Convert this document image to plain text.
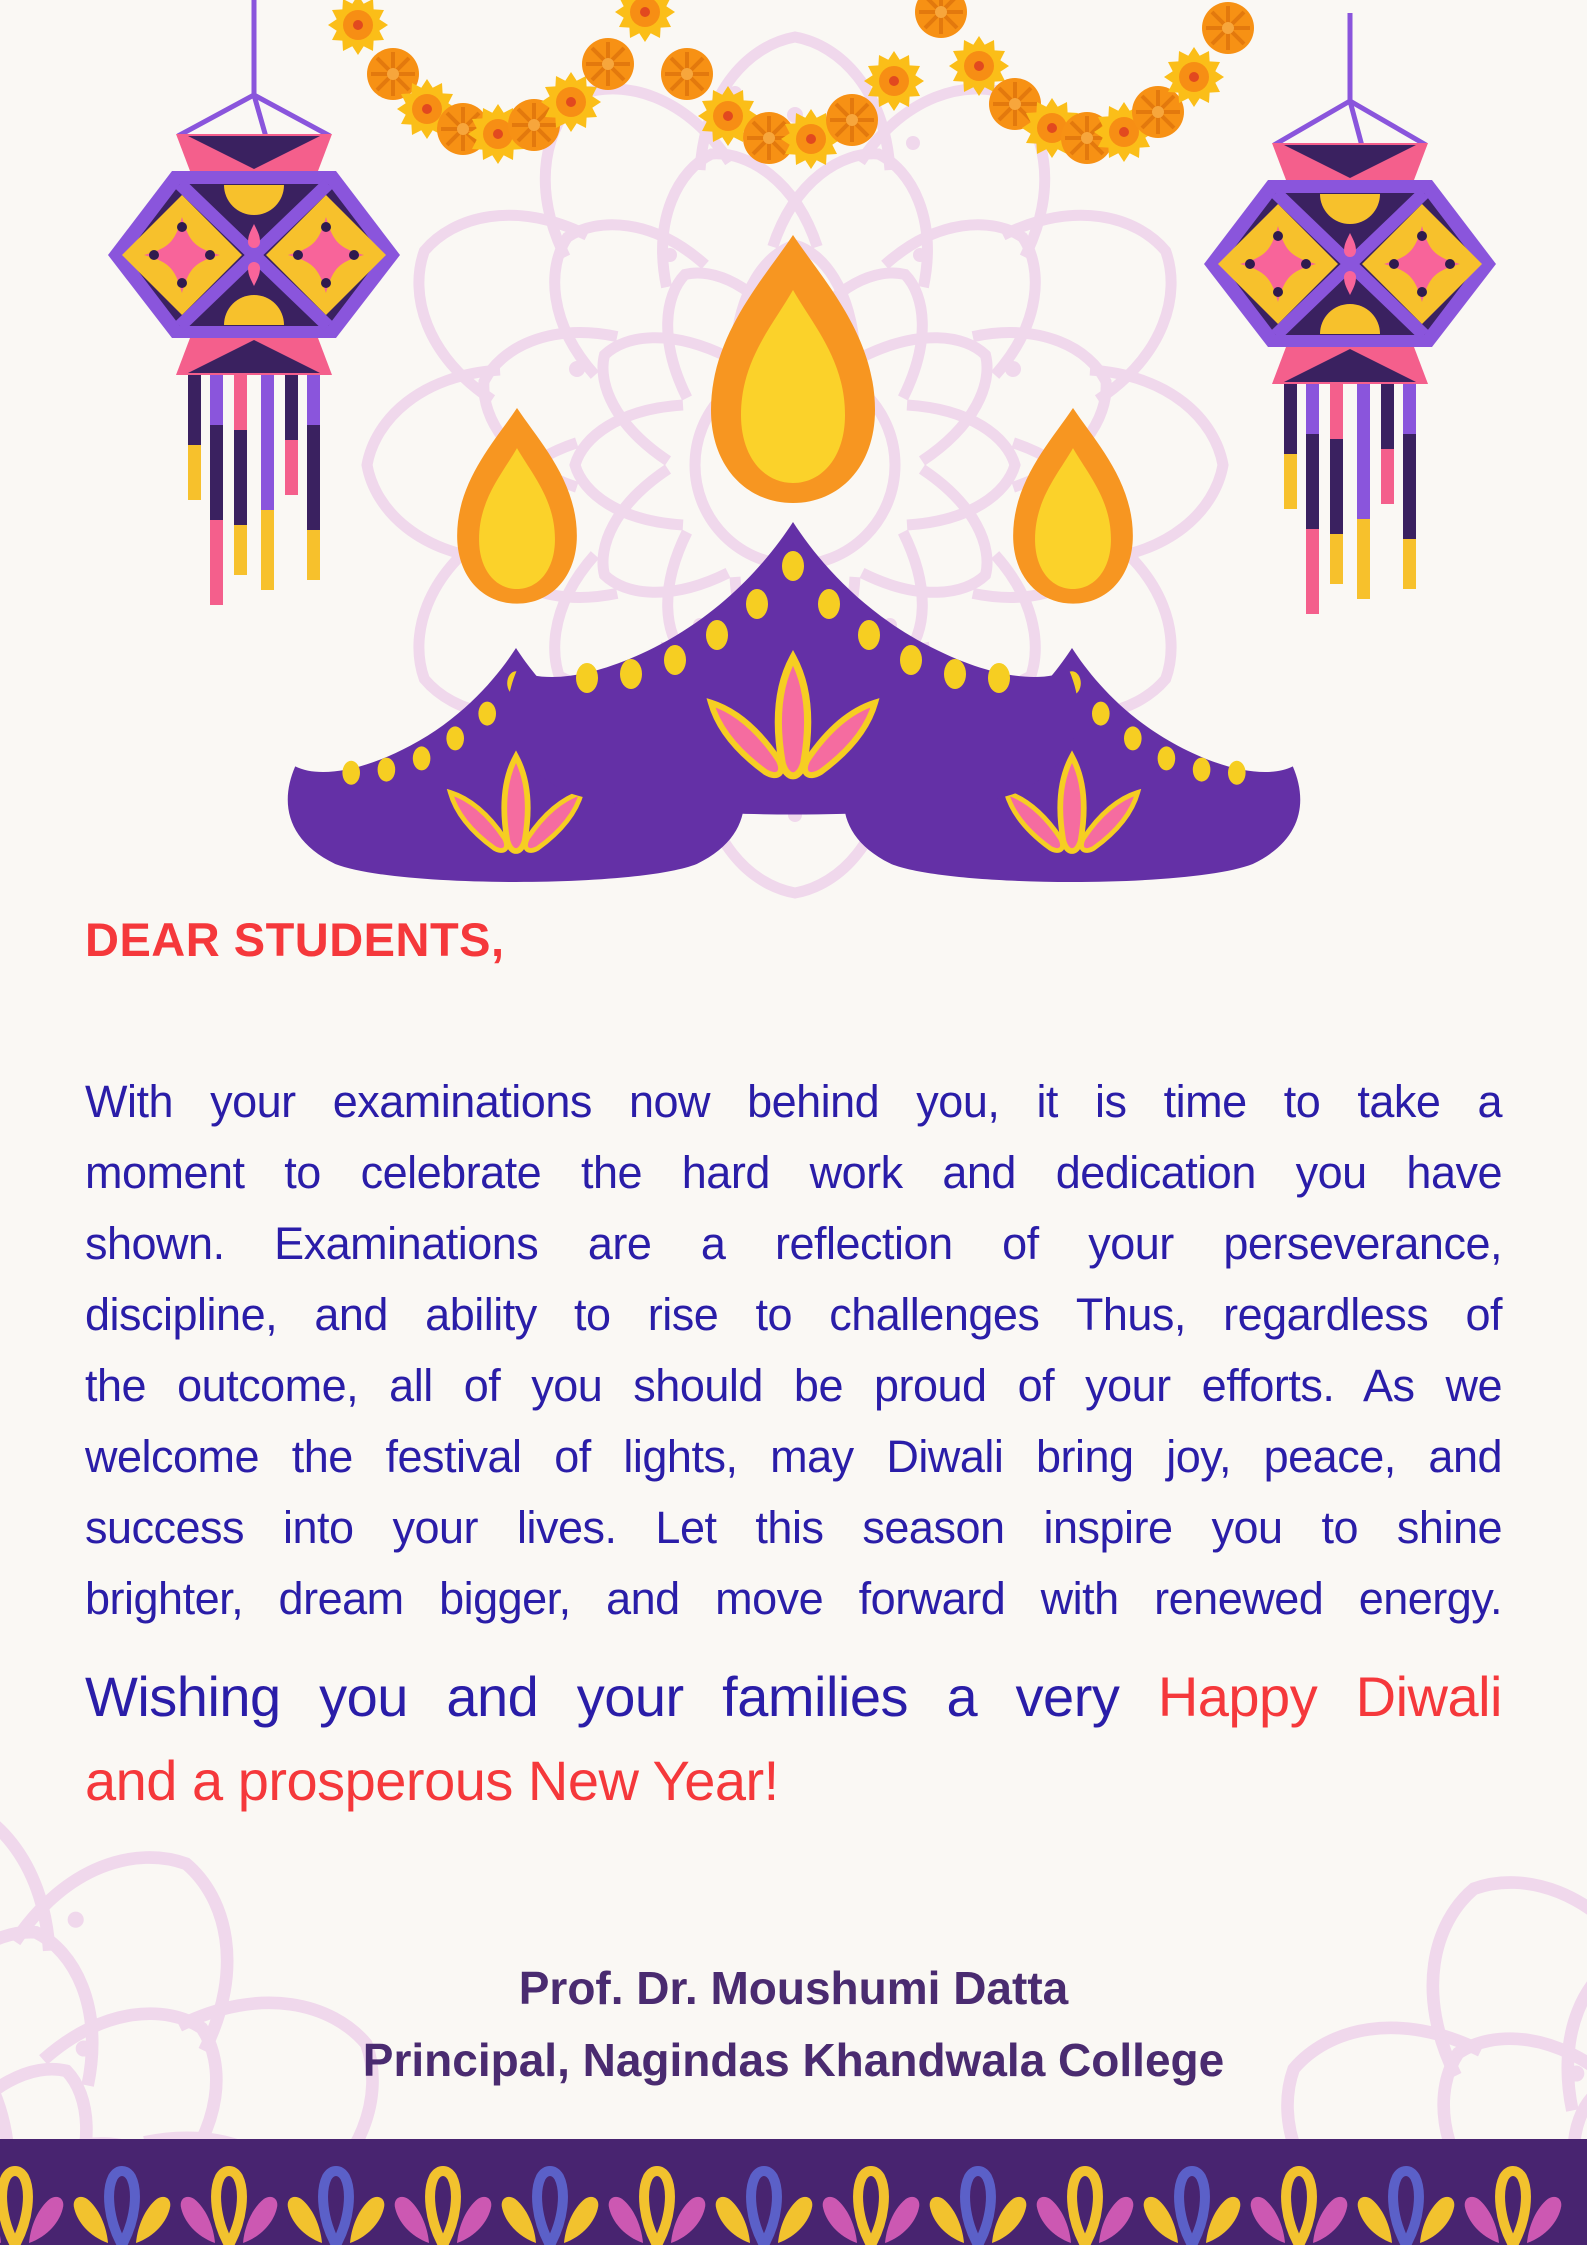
DEAR STUDENTS,
With your examinations now behind you, it is time to take a
moment to celebrate the hard work and dedication you have
shown. Examinations are a reflection of your perseverance,
discipline, and ability to rise to challenges Thus, regardless of
the outcome, all of you should be proud of your efforts. As we
welcome the festival of lights, may Diwali bring joy, peace, and
success into your lives. Let this season inspire you to shine
brighter, dream bigger, and move forward with renewed energy.
Wishing you and your families a very Happy Diwali
and a prosperous New Year!
Prof. Dr. Moushumi Datta
Principal, Nagindas Khandwala College
